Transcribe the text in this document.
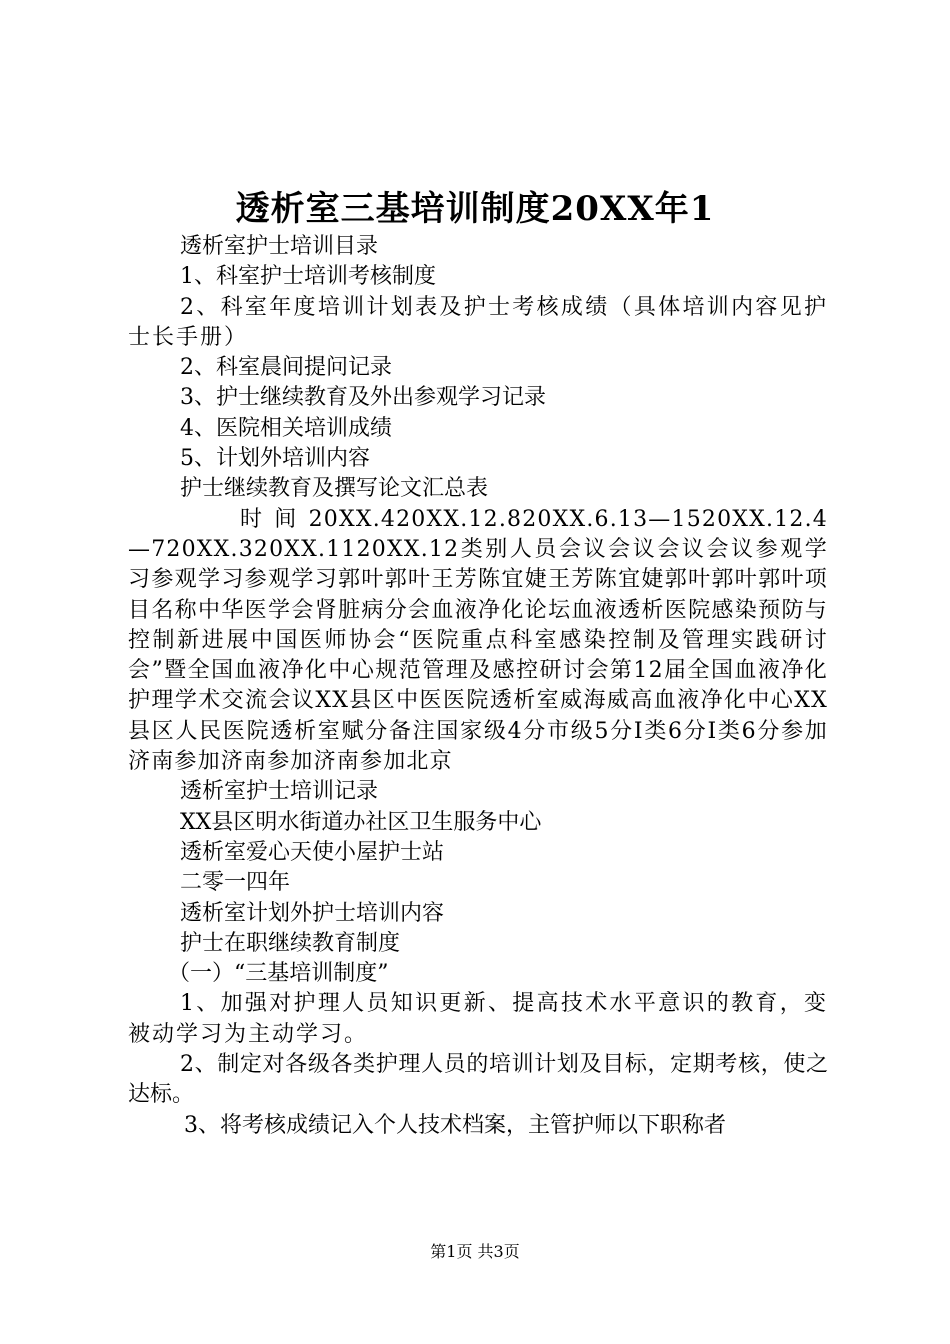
透析室三基培训制度20XX年1

透析室护士培训目录

1、科室护士培训考核制度

2、科室年度培训计划表及护士考核成绩（具体培训内容见护士长手册）

2、科室晨间提问记录

3、护士继续教育及外出参观学习记录

4、医院相关培训成绩

5、计划外培训内容

护士继续教育及撰写论文汇总表

时 间 20XX.420XX.12.820XX.6.13—1520XX.12.4—720XX.320XX.1120XX.12类别人员会议会议会议会议参观学习参观学习参观学习郭叶郭叶王芳陈宜婕王芳陈宜婕郭叶郭叶郭叶项目名称中华医学会肾脏病分会血液净化论坛血液透析医院感染预防与控制新进展中国医师协会“医院重点科室感染控制及管理实践研讨会”暨全国血液净化中心规范管理及感控研讨会第12届全国血液净化护理学术交流会议XX县区中医医院透析室威海威高血液净化中心XX县区人民医院透析室赋分备注国家级4分市级5分Ⅰ类6分Ⅰ类6分参加济南参加济南参加济南参加北京

透析室护士培训记录

XX县区明水街道办社区卫生服务中心

透析室爱心天使小屋护士站

二零一四年

透析室计划外护士培训内容

护士在职继续教育制度

（一）“三基培训制度”

1、加强对护理人员知识更新、提高技术水平意识的教育，变被动学习为主动学习。

2、制定对各级各类护理人员的培训计划及目标，定期考核，使之达标。

3、将考核成绩记入个人技术档案，主管护师以下职称者

第1页 共3页
